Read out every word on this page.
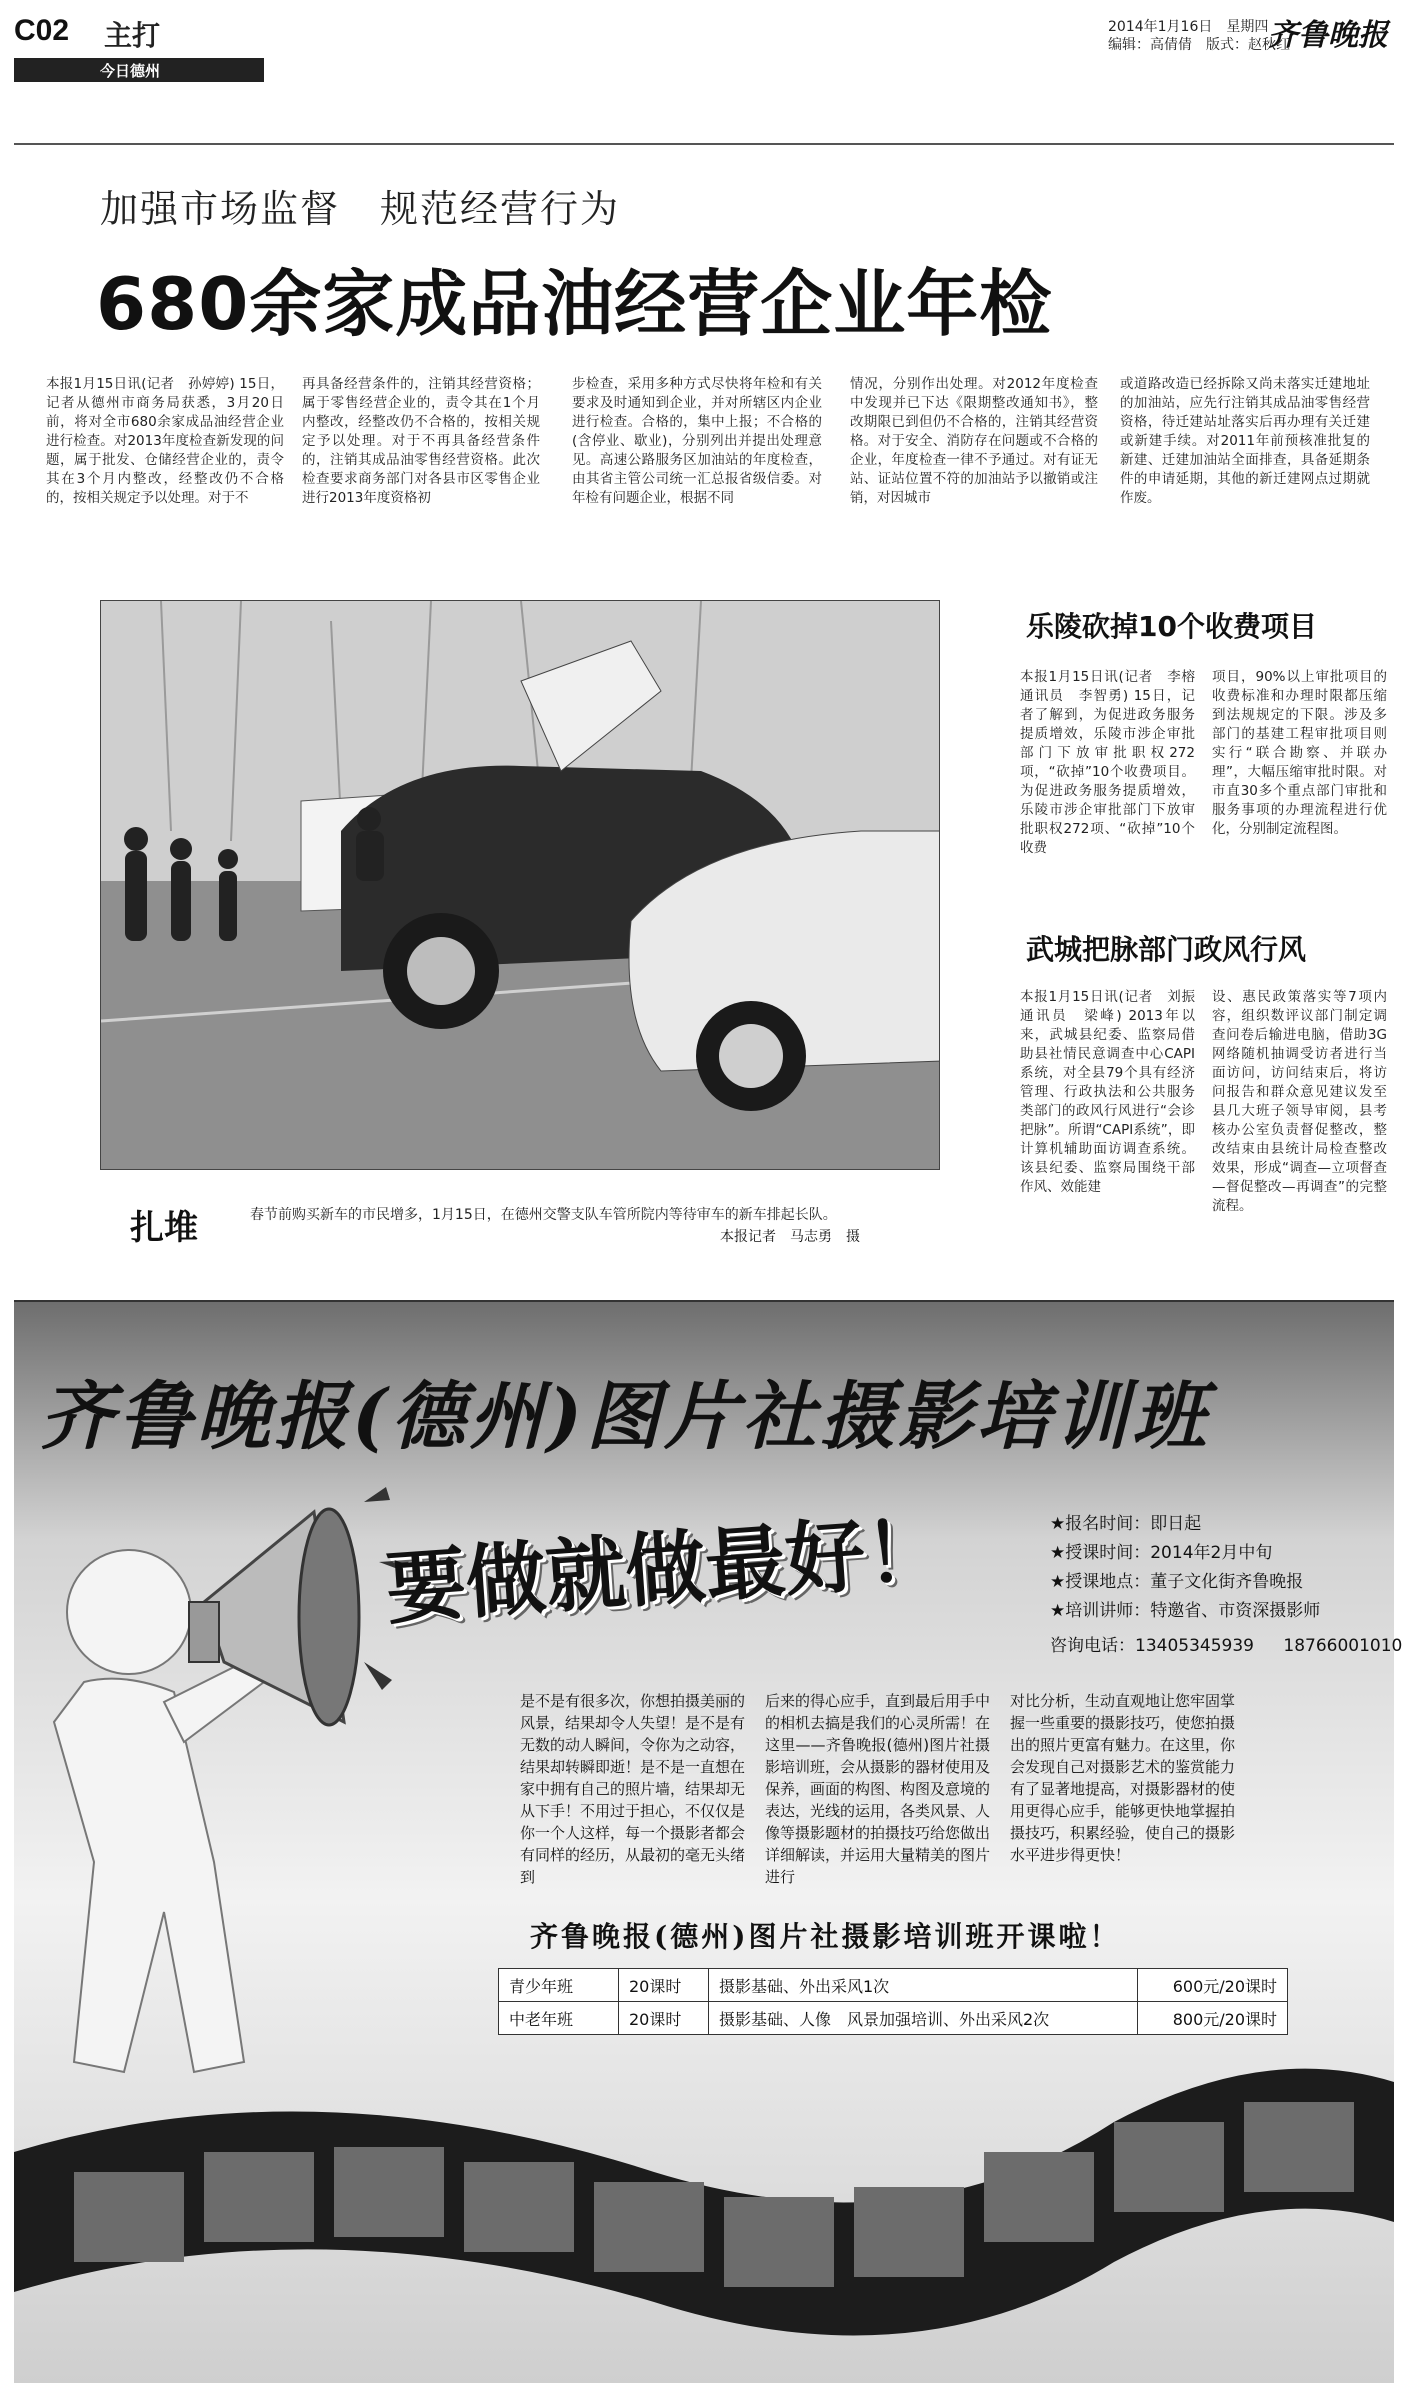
C02 主打
今日德州
2014年1月16日　星期四
编辑：高倩倩　版式：赵秋红
齐鲁晚报
加强市场监督　规范经营行为
680余家成品油经营企业年检
本报1月15日讯(记者　孙婷婷) 15日，记者从德州市商务局获悉，3月20日前，将对全市680余家成品油经营企业进行检查。对2013年度检查新发现的问题，属于批发、仓储经营企业的，责令其在3个月内整改，经整改仍不合格的，按相关规定予以处理。对于不
再具备经营条件的，注销其经营资格；属于零售经营企业的，责令其在1个月内整改，经整改仍不合格的，按相关规定予以处理。对于不再具备经营条件的，注销其成品油零售经营资格。此次检查要求商务部门对各县市区零售企业进行2013年度资格初
步检查，采用多种方式尽快将年检和有关要求及时通知到企业，并对所辖区内企业进行检查。合格的，集中上报；不合格的(含停业、歇业)，分别列出并提出处理意见。高速公路服务区加油站的年度检查，由其省主管公司统一汇总报省级信委。对年检有问题企业，根据不同
情况，分别作出处理。对2012年度检查中发现并已下达《限期整改通知书》，整改期限已到但仍不合格的，注销其经营资格。对于安全、消防存在问题或不合格的企业，年度检查一律不予通过。对有证无站、证站位置不符的加油站予以撤销或注销，对因城市
或道路改造已经拆除又尚未落实迁建地址的加油站，应先行注销其成品油零售经营资格，待迁建站址落实后再办理有关迁建或新建手续。对2011年前预核准批复的新建、迁建加油站全面排查，具备延期条件的申请延期，其他的新迁建网点过期就作废。
扎堆	春节前购买新车的市民增多，1月15日，在德州交警支队车管所院内等待审车的新车排起长队。
本报记者　马志勇　摄
乐陵砍掉10个收费项目
本报1月15日讯(记者　李榕　通讯员　李智勇) 15日，记者了解到，为促进政务服务提质增效，乐陵市涉企审批部门下放审批职权272项，“砍掉”10个收费项目。为促进政务服务提质增效，乐陵市涉企审批部门下放审批职权272项、“砍掉”10个收费
项目，90%以上审批项目的收费标准和办理时限都压缩到法规规定的下限。涉及多部门的基建工程审批项目则实行“联合勘察、并联办理”，大幅压缩审批时限。对市直30多个重点部门审批和服务事项的办理流程进行优化，分别制定流程图。
武城把脉部门政风行风
本报1月15日讯(记者　刘振　通讯员　梁峰) 2013年以来，武城县纪委、监察局借助县社情民意调查中心CAPI系统，对全县79个具有经济管理、行政执法和公共服务类部门的政风行风进行“会诊把脉”。所谓“CAPI系统”，即计算机辅助面访调查系统。该县纪委、监察局围绕干部作风、效能建
设、惠民政策落实等7项内容，组织数评议部门制定调查问卷后输进电脑，借助3G网络随机抽调受访者进行当面访问，访问结束后，将访问报告和群众意见建议发至县几大班子领导审阅，县考核办公室负责督促整改，整改结束由县统计局检查整改效果，形成“调查—立项督查—督促整改—再调查”的完整流程。
齐鲁晚报(德州)图片社摄影培训班
要做就做最好！	★报名时间：即日起
★授课时间：2014年2月中旬
★授课地点：董子文化街齐鲁晚报
★培训讲师：特邀省、市资深摄影师
咨询电话：13405345939 18766001010
是不是有很多次，你想拍摄美丽的风景，结果却令人失望！是不是有无数的动人瞬间，令你为之动容，结果却转瞬即逝！是不是一直想在家中拥有自己的照片墙，结果却无从下手！不用过于担心，不仅仅是你一个人这样，每一个摄影者都会有同样的经历，从最初的毫无头绪到
后来的得心应手，直到最后用手中的相机去搞是我们的心灵所需！在这里——齐鲁晚报(德州)图片社摄影培训班，会从摄影的器材使用及保养，画面的构图、构图及意境的表达，光线的运用，各类风景、人像等摄影题材的拍摄技巧给您做出详细解读，并运用大量精美的图片进行
对比分析，生动直观地让您牢固掌握一些重要的摄影技巧，使您拍摄出的照片更富有魅力。在这里，你会发现自己对摄影艺术的鉴赏能力有了显著地提高，对摄影器材的使用更得心应手，能够更快地掌握拍摄技巧，积累经验，使自己的摄影水平进步得更快！
齐鲁晚报(德州)图片社摄影培训班开课啦！
青少年班	20课时	摄影基础、外出采风1次	600元/20课时
中老年班	20课时	摄影基础、人像　风景加强培训、外出采风2次	800元/20课时
